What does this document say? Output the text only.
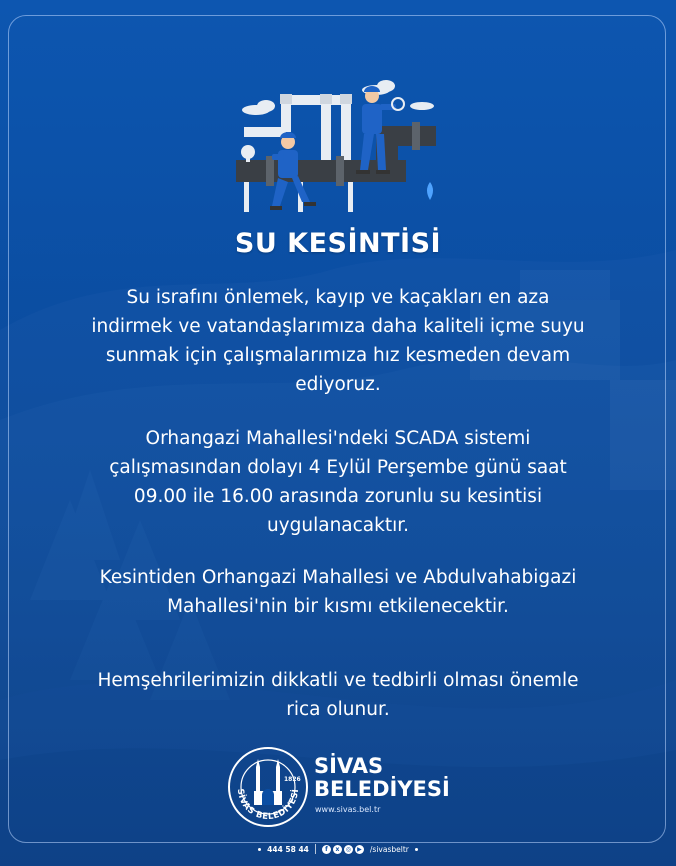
SU KESİNTİSİ

Su israfını önlemek, kayıp ve kaçakları en aza indirmek ve vatandaşlarımıza daha kaliteli içme suyu sunmak için çalışmalarımıza hız kesmeden devam ediyoruz.

Orhangazi Mahallesi'ndeki SCADA sistemi çalışmasından dolayı 4 Eylül Perşembe günü saat 09.00 ile 16.00 arasında zorunlu su kesintisi uygulanacaktır.

Kesintiden Orhangazi Mahallesi ve Abdulvahabigazi Mahallesi'nin bir kısmı etkilenecektir.

Hemşehrilerimizin dikkatli ve tedbirli olması önemle rica olunur.

1826
SİVAS BELEDİYESİ
SİVAS
BELEDİYESİ
www.sivas.bel.tr
444 58 44	f	x	◎	▶ /sivasbeltr
